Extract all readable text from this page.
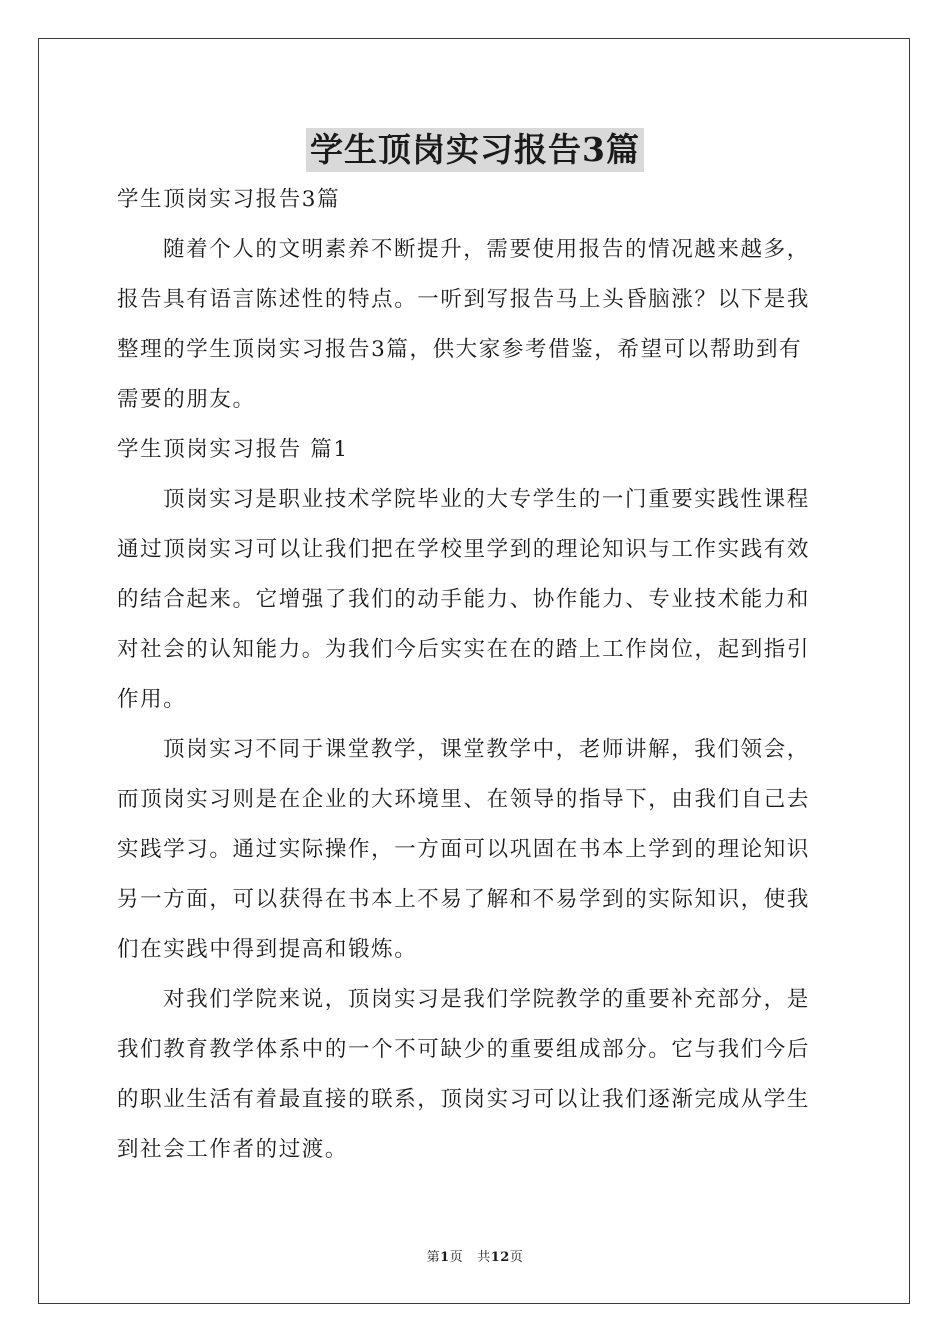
学生顶岗实习报告3篇
学生顶岗实习报告3篇
随着个人的文明素养不断提升，需要使用报告的情况越来越多，
报告具有语言陈述性的特点。一听到写报告马上头昏脑涨？以下是我
整理的学生顶岗实习报告3篇，供大家参考借鉴，希望可以帮助到有
需要的朋友。
学生顶岗实习报告 篇1
顶岗实习是职业技术学院毕业的大专学生的一门重要实践性课程
通过顶岗实习可以让我们把在学校里学到的理论知识与工作实践有效
的结合起来。它增强了我们的动手能力、协作能力、专业技术能力和
对社会的认知能力。为我们今后实实在在的踏上工作岗位，起到指引
作用。
顶岗实习不同于课堂教学，课堂教学中，老师讲解，我们领会，
而顶岗实习则是在企业的大环境里、在领导的指导下，由我们自己去
实践学习。通过实际操作，一方面可以巩固在书本上学到的理论知识
另一方面，可以获得在书本上不易了解和不易学到的实际知识，使我
们在实践中得到提高和锻炼。
对我们学院来说，顶岗实习是我们学院教学的重要补充部分，是
我们教育教学体系中的一个不可缺少的重要组成部分。它与我们今后
的职业生活有着最直接的联系，顶岗实习可以让我们逐渐完成从学生
到社会工作者的过渡。
第1页 共12页
